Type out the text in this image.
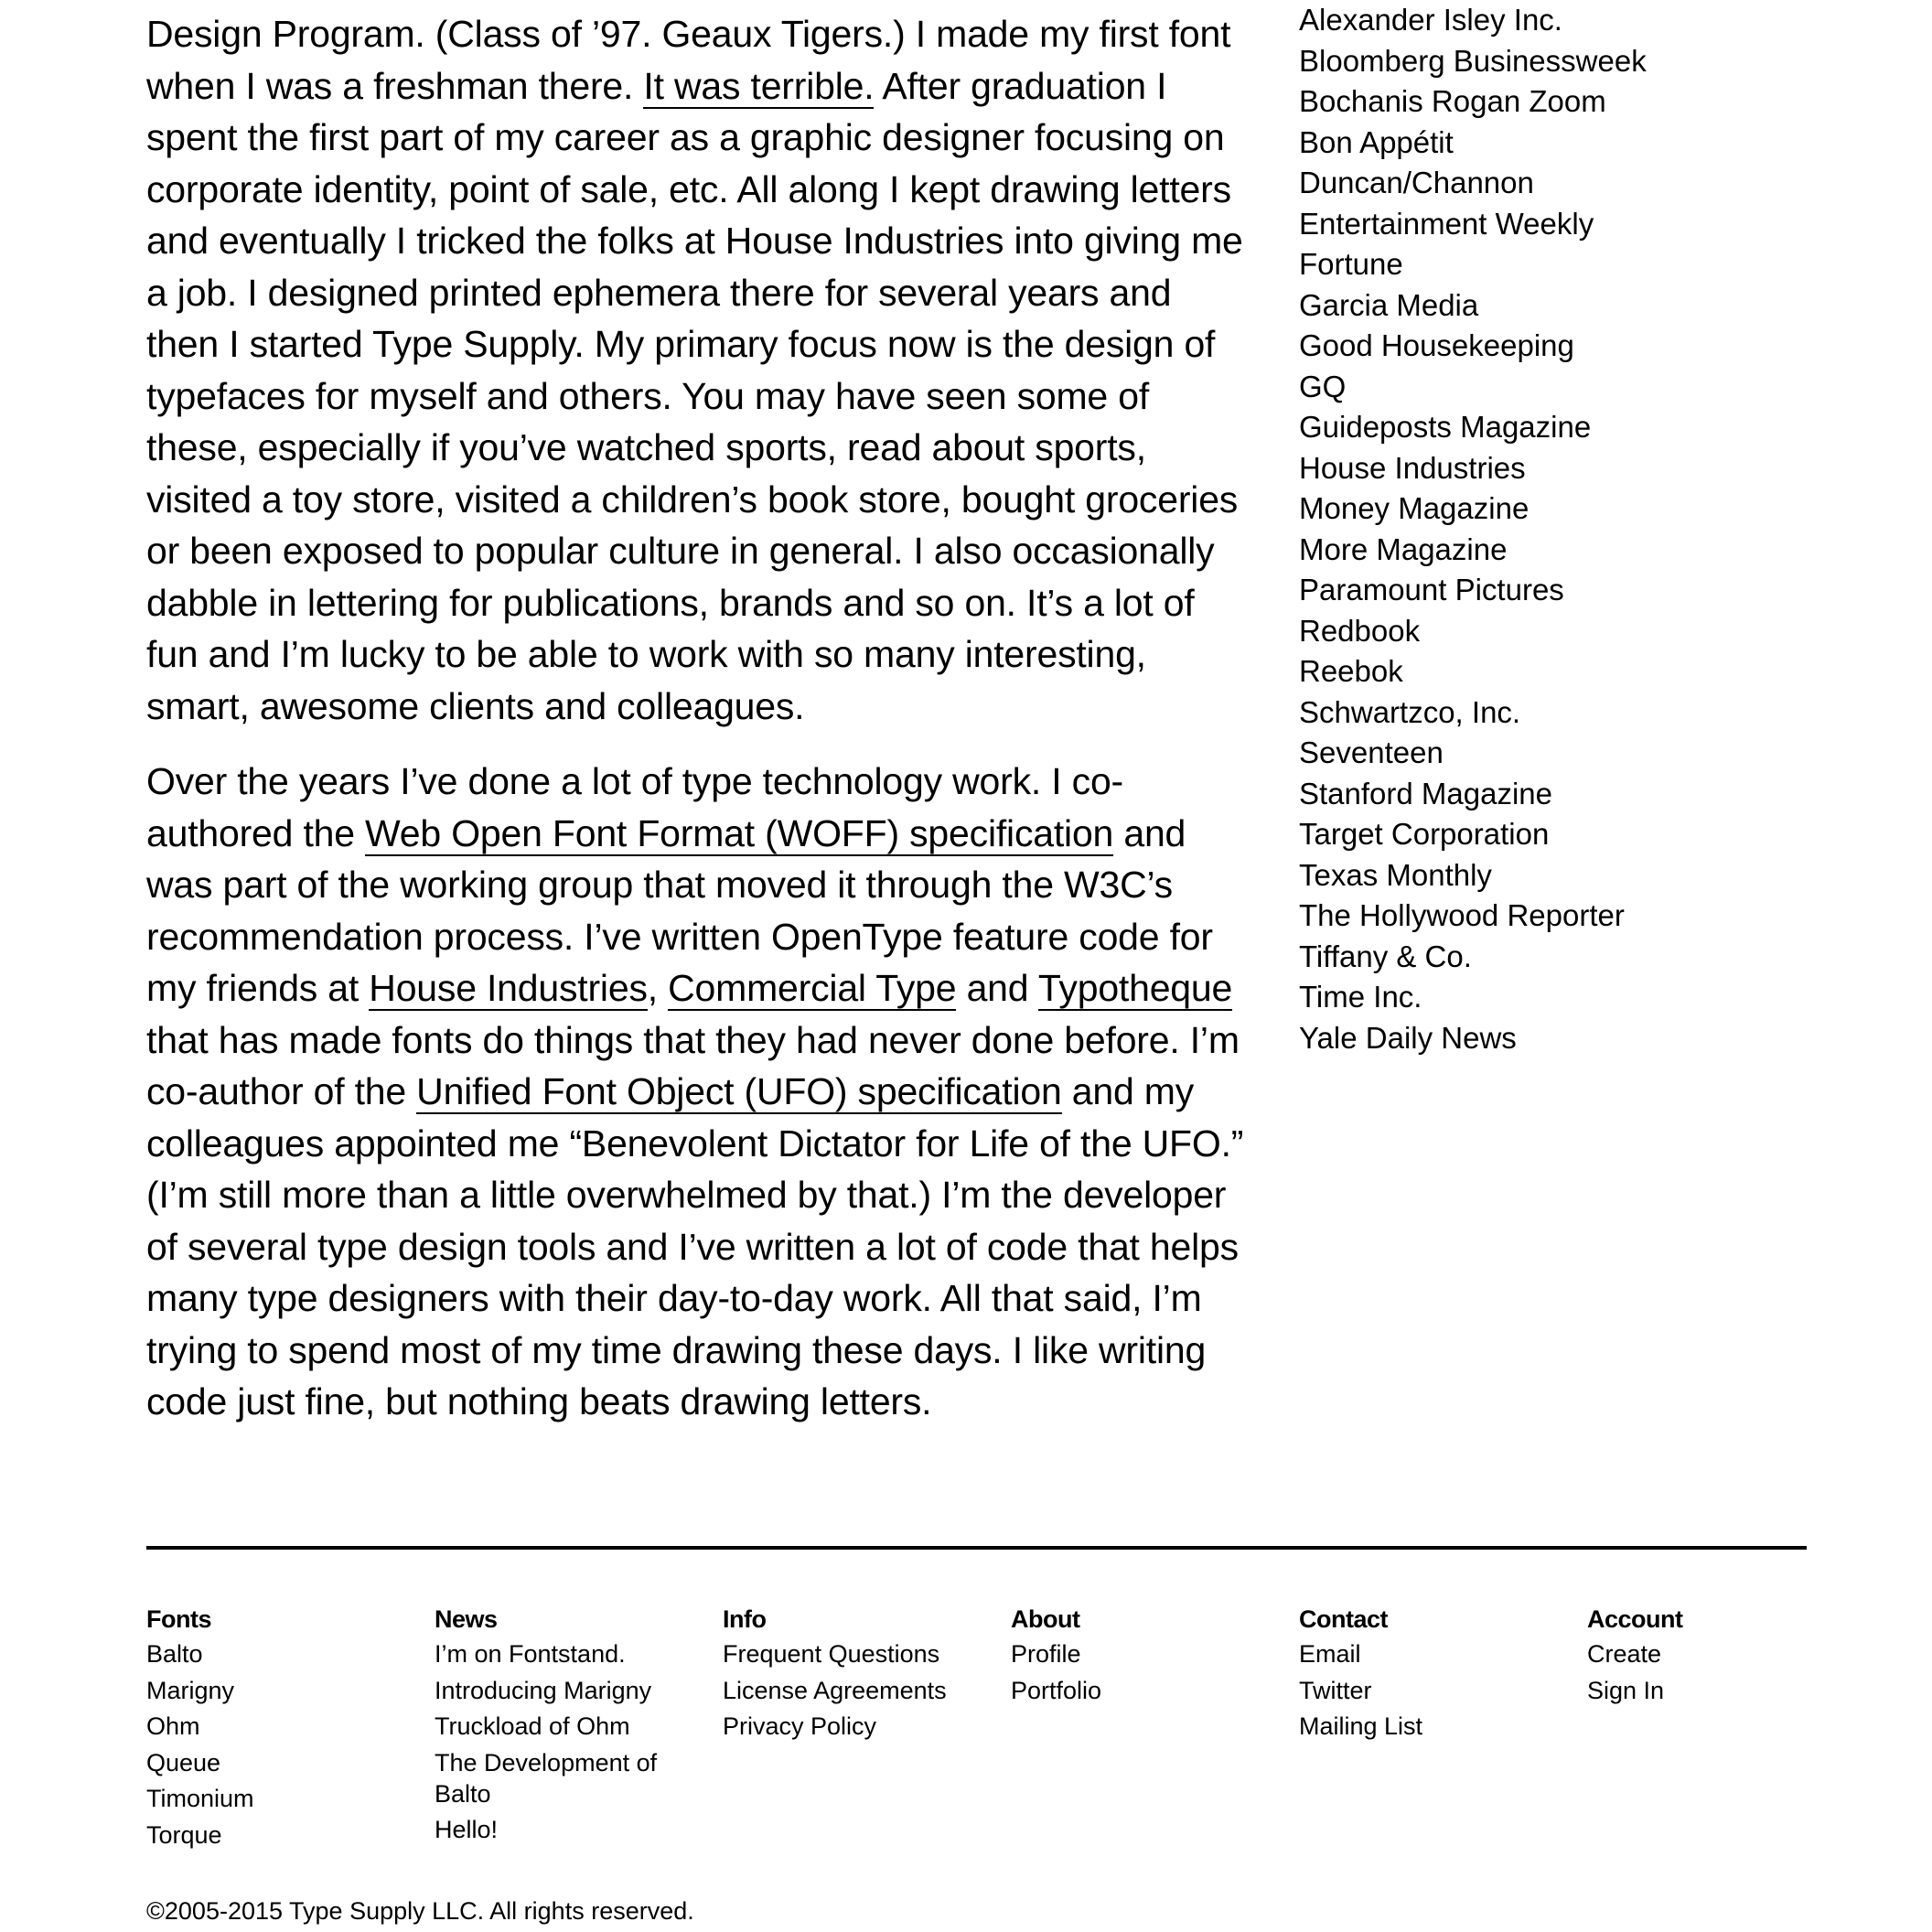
Design Program. (Class of ’97. Geaux Tigers.) I made my first font when I was a freshman there. It was terrible. After graduation I spent the first part of my career as a graphic designer focusing on corporate identity, point of sale, etc. All along I kept drawing letters and eventually I tricked the folks at House Industries into giving me a job. I designed printed ephemera there for several years and then I started Type Supply. My primary focus now is the design of typefaces for myself and others. You may have seen some of these, especially if you’ve watched sports, read about sports, visited a toy store, visited a children’s book store, bought groceries or been exposed to popular culture in general. I also occasionally dabble in lettering for publications, brands and so on. It’s a lot of fun and I’m lucky to be able to work with so many interesting, smart, awesome clients and colleagues.

Over the years I’ve done a lot of type technology work. I co-authored the Web Open Font Format (WOFF) specification and was part of the working group that moved it through the W3C’s recommendation process. I’ve written OpenType feature code for my friends at House Industries, Commercial Type and Typotheque that has made fonts do things that they had never done before. I’m co-author of the Unified Font Object (UFO) specification and my colleagues appointed me “Benevolent Dictator for Life of the UFO.” (I’m still more than a little overwhelmed by that.) I’m the developer of several type design tools and I’ve written a lot of code that helps many type designers with their day-to-day work. All that said, I’m trying to spend most of my time drawing these days. I like writing code just fine, but nothing beats drawing letters.

Alexander Isley Inc.
Bloomberg Businessweek
Bochanis Rogan Zoom
Bon Appétit
Duncan/Channon
Entertainment Weekly
Fortune
Garcia Media
Good Housekeeping
GQ
Guideposts Magazine
House Industries
Money Magazine
More Magazine
Paramount Pictures
Redbook
Reebok
Schwartzco, Inc.
Seventeen
Stanford Magazine
Target Corporation
Texas Monthly
The Hollywood Reporter
Tiffany & Co.
Time Inc.
Yale Daily News
Fonts
Balto
Marigny
Ohm
Queue
Timonium
Torque
News
I’m on Fontstand.
Introducing Marigny
Truckload of Ohm
The Development of Balto
Hello!
Info
Frequent Questions
License Agreements
Privacy Policy
About
Profile
Portfolio
Contact
Email
Twitter
Mailing List
Account
Create
Sign In
©2005-2015 Type Supply LLC. All rights reserved.
